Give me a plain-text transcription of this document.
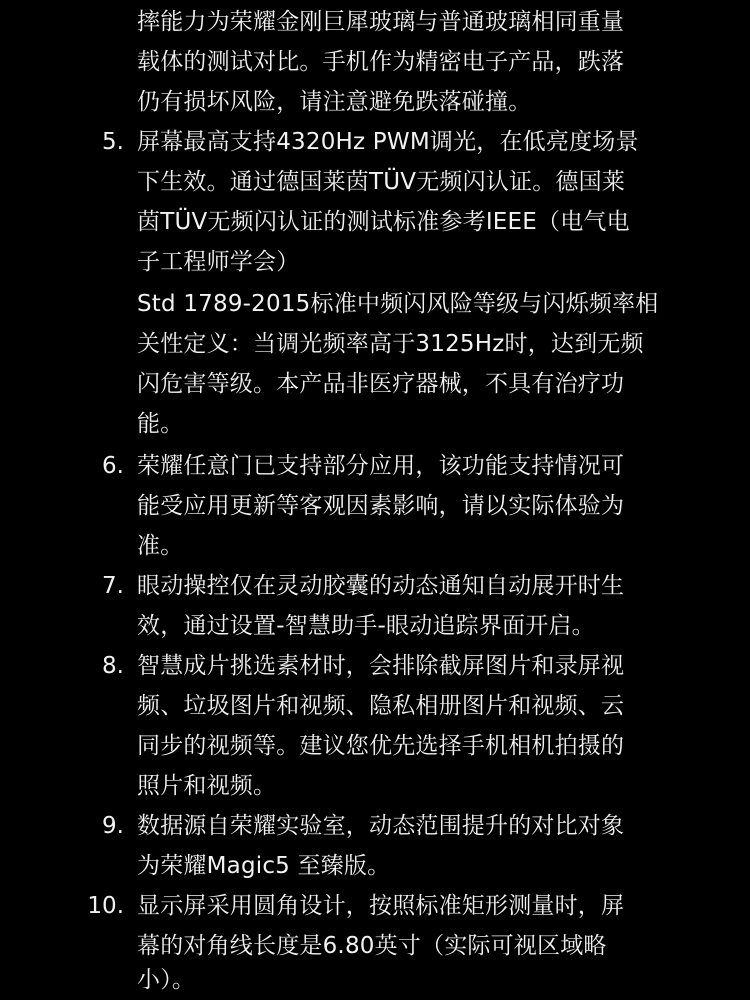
摔能力为荣耀金刚巨犀玻璃与普通玻璃相同重量
载体的测试对比。手机作为精密电子产品，跌落
仍有损坏风险，请注意避免跌落碰撞。
5. 屏幕最高支持4320Hz PWM调光，在低亮度场景
下生效。通过德国莱茵TÜV无频闪认证。德国莱
茵TÜV无频闪认证的测试标准参考IEEE（电气电
子工程师学会）
Std 1789-2015标准中频闪风险等级与闪烁频率相
关性定义：当调光频率高于3125Hz时，达到无频
闪危害等级。本产品非医疗器械，不具有治疗功
能。
6. 荣耀任意门已支持部分应用，该功能支持情况可
能受应用更新等客观因素影响，请以实际体验为
准。
7. 眼动操控仅在灵动胶囊的动态通知自动展开时生
效，通过设置-智慧助手-眼动追踪界面开启。
8. 智慧成片挑选素材时，会排除截屏图片和录屏视
频、垃圾图片和视频、隐私相册图片和视频、云
同步的视频等。建议您优先选择手机相机拍摄的
照片和视频。
9. 数据源自荣耀实验室，动态范围提升的对比对象
为荣耀Magic5 至臻版。
10. 显示屏采用圆角设计，按照标准矩形测量时，屏
幕的对角线长度是6.80英寸（实际可视区域略
小）。
